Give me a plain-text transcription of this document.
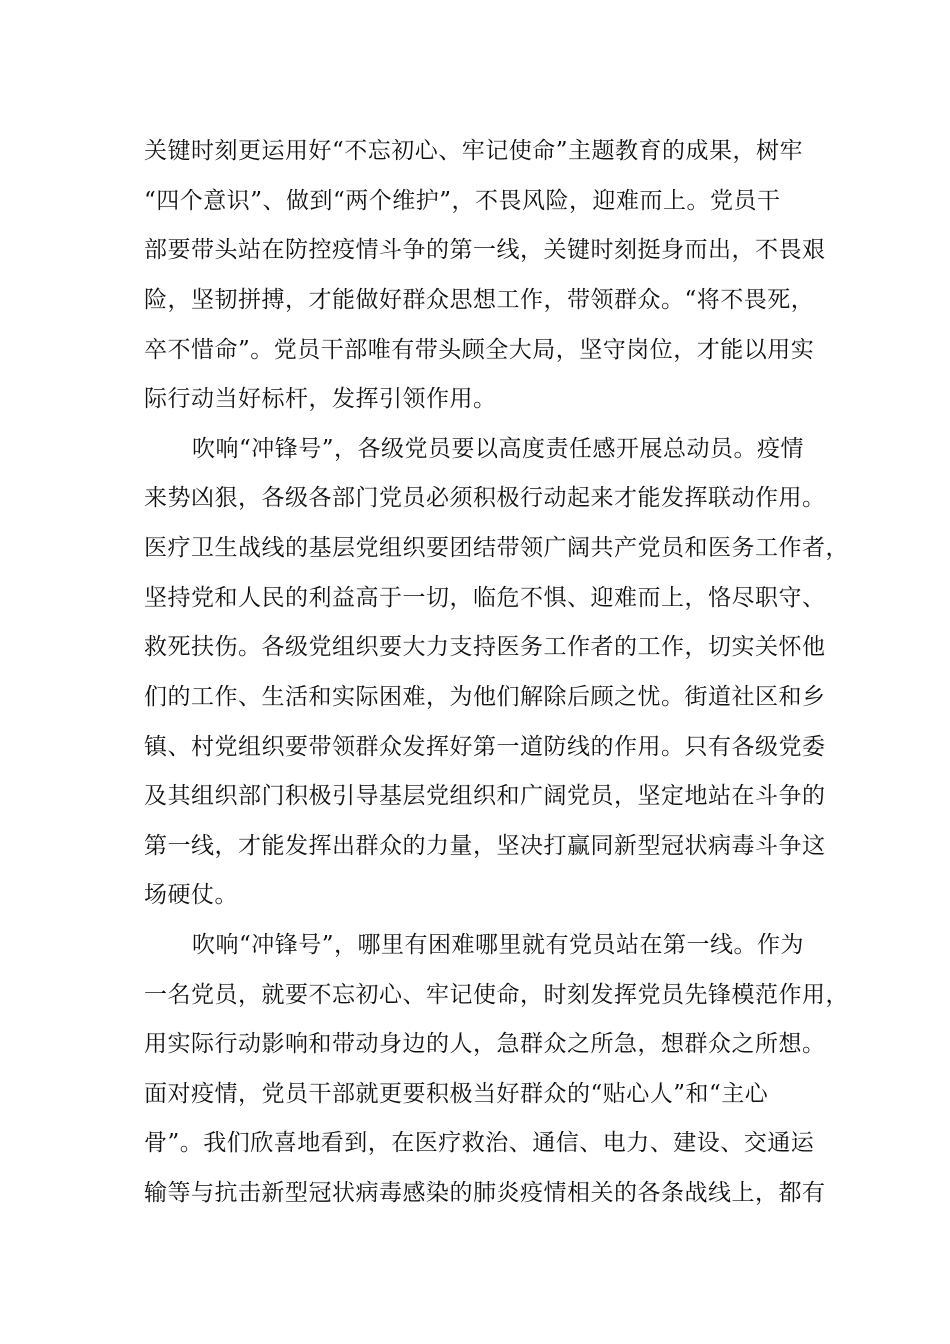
关键时刻更运用好“不忘初心、牢记使命”主题教育的成果，树牢
“四个意识”、做到“两个维护”，不畏风险，迎难而上。党员干
部要带头站在防控疫情斗争的第一线，关键时刻挺身而出，不畏艰
险，坚韧拼搏，才能做好群众思想工作，带领群众。“将不畏死，
卒不惜命”。党员干部唯有带头顾全大局，坚守岗位，才能以用实
际行动当好标杆，发挥引领作用。
吹响“冲锋号”，各级党员要以高度责任感开展总动员。疫情
来势凶狠，各级各部门党员必须积极行动起来才能发挥联动作用。
医疗卫生战线的基层党组织要团结带领广阔共产党员和医务工作者，
坚持党和人民的利益高于一切，临危不惧、迎难而上，恪尽职守、
救死扶伤。各级党组织要大力支持医务工作者的工作，切实关怀他
们的工作、生活和实际困难，为他们解除后顾之忧。街道社区和乡
镇、村党组织要带领群众发挥好第一道防线的作用。只有各级党委
及其组织部门积极引导基层党组织和广阔党员，坚定地站在斗争的
第一线，才能发挥出群众的力量，坚决打赢同新型冠状病毒斗争这
场硬仗。
吹响“冲锋号”，哪里有困难哪里就有党员站在第一线。作为
一名党员，就要不忘初心、牢记使命，时刻发挥党员先锋模范作用，
用实际行动影响和带动身边的人，急群众之所急，想群众之所想。
面对疫情，党员干部就更要积极当好群众的“贴心人”和“主心
骨”。我们欣喜地看到，在医疗救治、通信、电力、建设、交通运
输等与抗击新型冠状病毒感染的肺炎疫情相关的各条战线上，都有
